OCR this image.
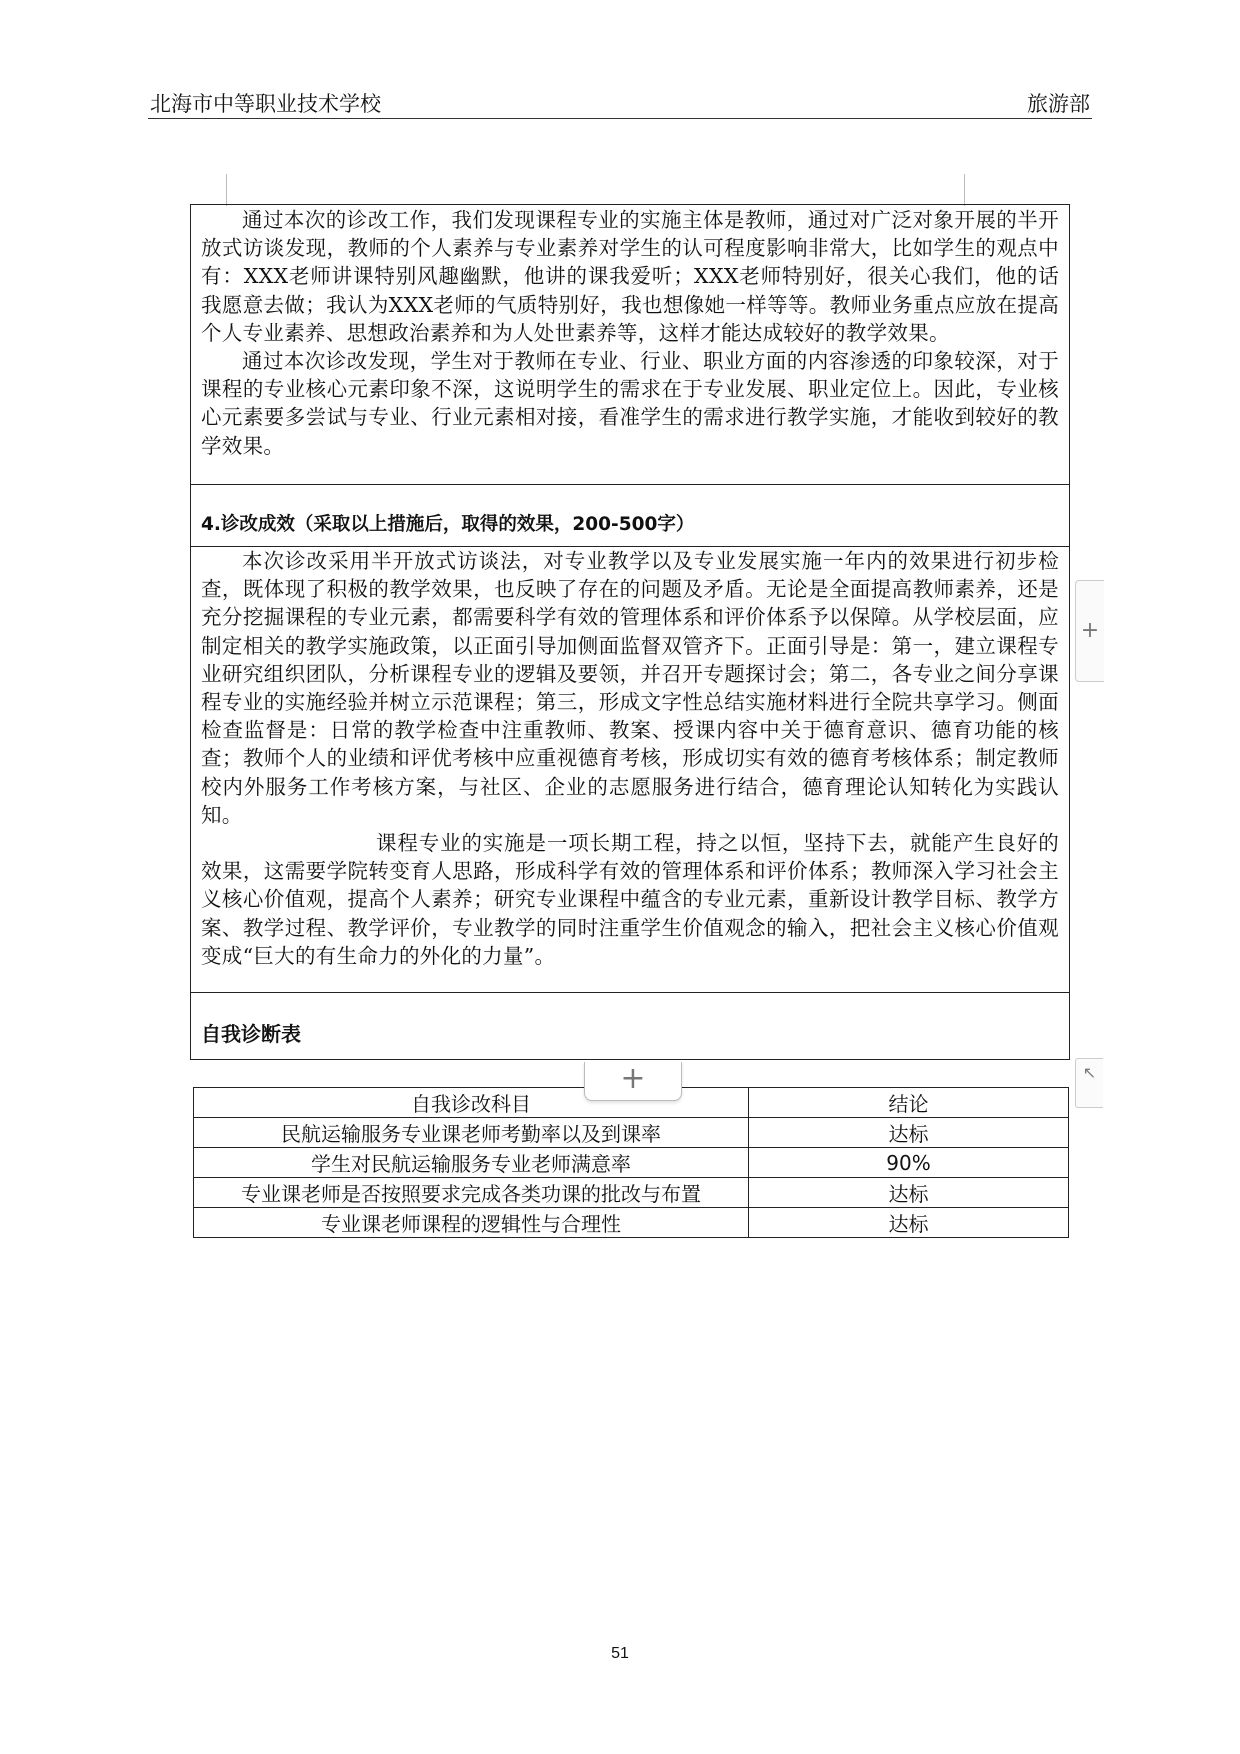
北海市中等职业技术学校	旅游部

通过本次的诊改工作，我们发现课程专业的实施主体是教师，通过对广泛对象开展的半开放式访谈发现，教师的个人素养与专业素养对学生的认可程度影响非常大，比如学生的观点中有：XXX老师讲课特别风趣幽默，他讲的课我爱听；XXX老师特别好，很关心我们，他的话我愿意去做；我认为XXX老师的气质特别好，我也想像她一样等等。教师业务重点应放在提高个人专业素养、思想政治素养和为人处世素养等，这样才能达成较好的教学效果。

通过本次诊改发现，学生对于教师在专业、行业、职业方面的内容渗透的印象较深，对于课程的专业核心元素印象不深，这说明学生的需求在于专业发展、职业定位上。因此，专业核心元素要多尝试与专业、行业元素相对接，看准学生的需求进行教学实施，才能收到较好的教学效果。

4.诊改成效（采取以上措施后，取得的效果，200-500字）

本次诊改采用半开放式访谈法，对专业教学以及专业发展实施一年内的效果进行初步检查，既体现了积极的教学效果，也反映了存在的问题及矛盾。无论是全面提高教师素养，还是充分挖掘课程的专业元素，都需要科学有效的管理体系和评价体系予以保障。从学校层面，应制定相关的教学实施政策，以正面引导加侧面监督双管齐下。正面引导是：第一，建立课程专业研究组织团队，分析课程专业的逻辑及要领，并召开专题探讨会；第二，各专业之间分享课程专业的实施经验并树立示范课程；第三，形成文字性总结实施材料进行全院共享学习。侧面检查监督是：日常的教学检查中注重教师、教案、授课内容中关于德育意识、德育功能的核查；教师个人的业绩和评优考核中应重视德育考核，形成切实有效的德育考核体系；制定教师校内外服务工作考核方案，与社区、企业的志愿服务进行结合，德育理论认知转化为实践认知。

课程专业的实施是一项长期工程，持之以恒，坚持下去，就能产生良好的效果，这需要学院转变育人思路，形成科学有效的管理体系和评价体系；教师深入学习社会主义核心价值观，提高个人素养；研究专业课程中蕴含的专业元素，重新设计教学目标、教学方案、教学过程、教学评价，专业教学的同时注重学生价值观念的输入，把社会主义核心价值观变成“巨大的有生命力的外化的力量”。

自我诊断表
+
↖
自我诊改科目	结论
民航运输服务专业课老师考勤率以及到课率	达标
学生对民航运输服务专业老师满意率	90%
专业课老师是否按照要求完成各类功课的批改与布置	达标
专业课老师课程的逻辑性与合理性	达标
+
51
